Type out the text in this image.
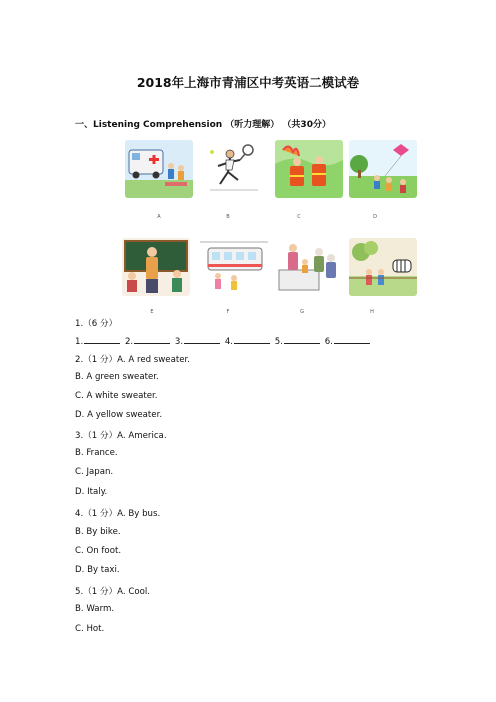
2018年上海市青浦区中考英语二模试卷
一、Listening Comprehension （听力理解） （共30分）
A	B	C	D
E	F	G	H
1.（6 分）
1.	2.	3.	4.	5.	6.
2.（1 分）A. A red sweater.
B. A green sweater.
C. A white sweater.
D. A yellow sweater.
3.（1 分）A. America.
B. France.
C. Japan.
D. Italy.
4.（1 分）A. By bus.
B. By bike.
C. On foot.
D. By taxi.
5.（1 分）A. Cool.
B. Warm.
C. Hot.
